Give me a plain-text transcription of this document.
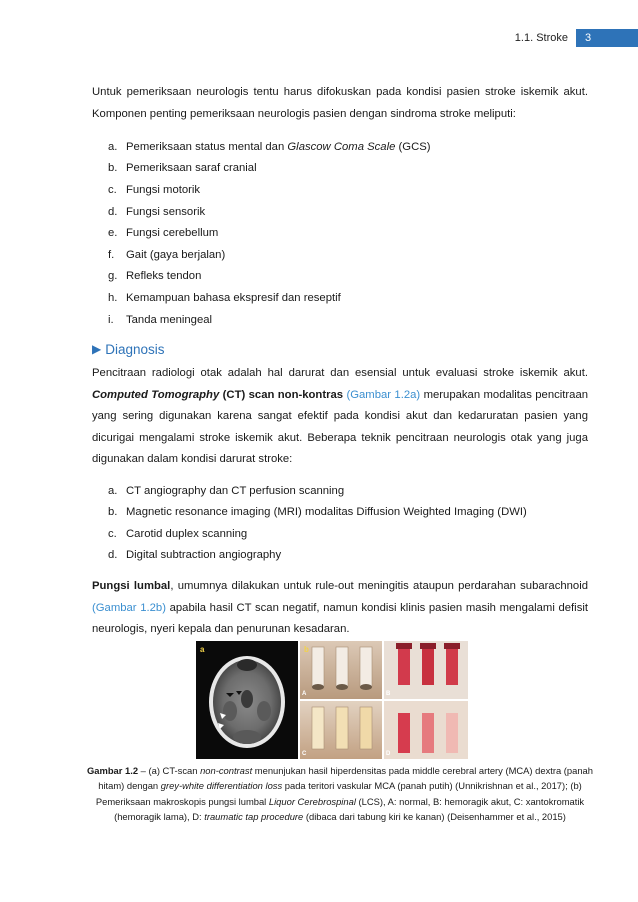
1.1. Stroke	3

Untuk pemeriksaan neurologis tentu harus difokuskan pada kondisi pasien stroke iskemik akut. Komponen penting pemeriksaan neurologis pasien dengan sindroma stroke meliputi:

a. Pemeriksaan status mental dan Glascow Coma Scale (GCS)
b. Pemeriksaan saraf cranial
c. Fungsi motorik
d. Fungsi sensorik
e. Fungsi cerebellum
f.	Gait (gaya berjalan)
g. Refleks tendon
h. Kemampuan bahasa ekspresif dan reseptif
i.	Tanda meningeal
▶ Diagnosis

Pencitraan radiologi otak adalah hal darurat dan esensial untuk evaluasi stroke iskemik akut. Computed Tomography (CT) scan non-kontras (Gambar 1.2a) merupakan modalitas pencitraan yang sering digunakan karena sangat efektif pada kondisi akut dan kedaruratan pasien yang dicurigai mengalami stroke iskemik akut. Beberapa teknik pencitraan neurologis otak yang juga digunakan dalam kondisi darurat stroke:

a. CT angiography dan CT perfusion scanning
b. Magnetic resonance imaging (MRI) modalitas Diffusion Weighted Imaging (DWI)
c. Carotid duplex scanning
d. Digital subtraction angiography

Pungsi lumbal, umumnya dilakukan untuk rule-out meningitis ataupun perdarahan subarachnoid (Gambar 1.2b) apabila hasil CT scan negatif, namun kondisi klinis pasien masih mengalami defisit neurologis, nyeri kepala dan penurunan kesadaran.

a	b
A	B
C	D
Gambar 1.2 – (a) CT-scan non-contrast menunjukan hasil hiperdensitas pada middle cerebral artery (MCA) dextra (panah hitam) dengan grey-white differentiation loss pada teritori vaskular MCA (panah putih) (Unnikrishnan et al., 2017); (b) Pemeriksaan makroskopis pungsi lumbal Liquor Cerebrospinal (LCS), A: normal, B: hemoragik akut, C: xantokromatik (hemoragik lama), D: traumatic tap procedure (dibaca dari tabung kiri ke kanan) (Deisenhammer et al., 2015)
